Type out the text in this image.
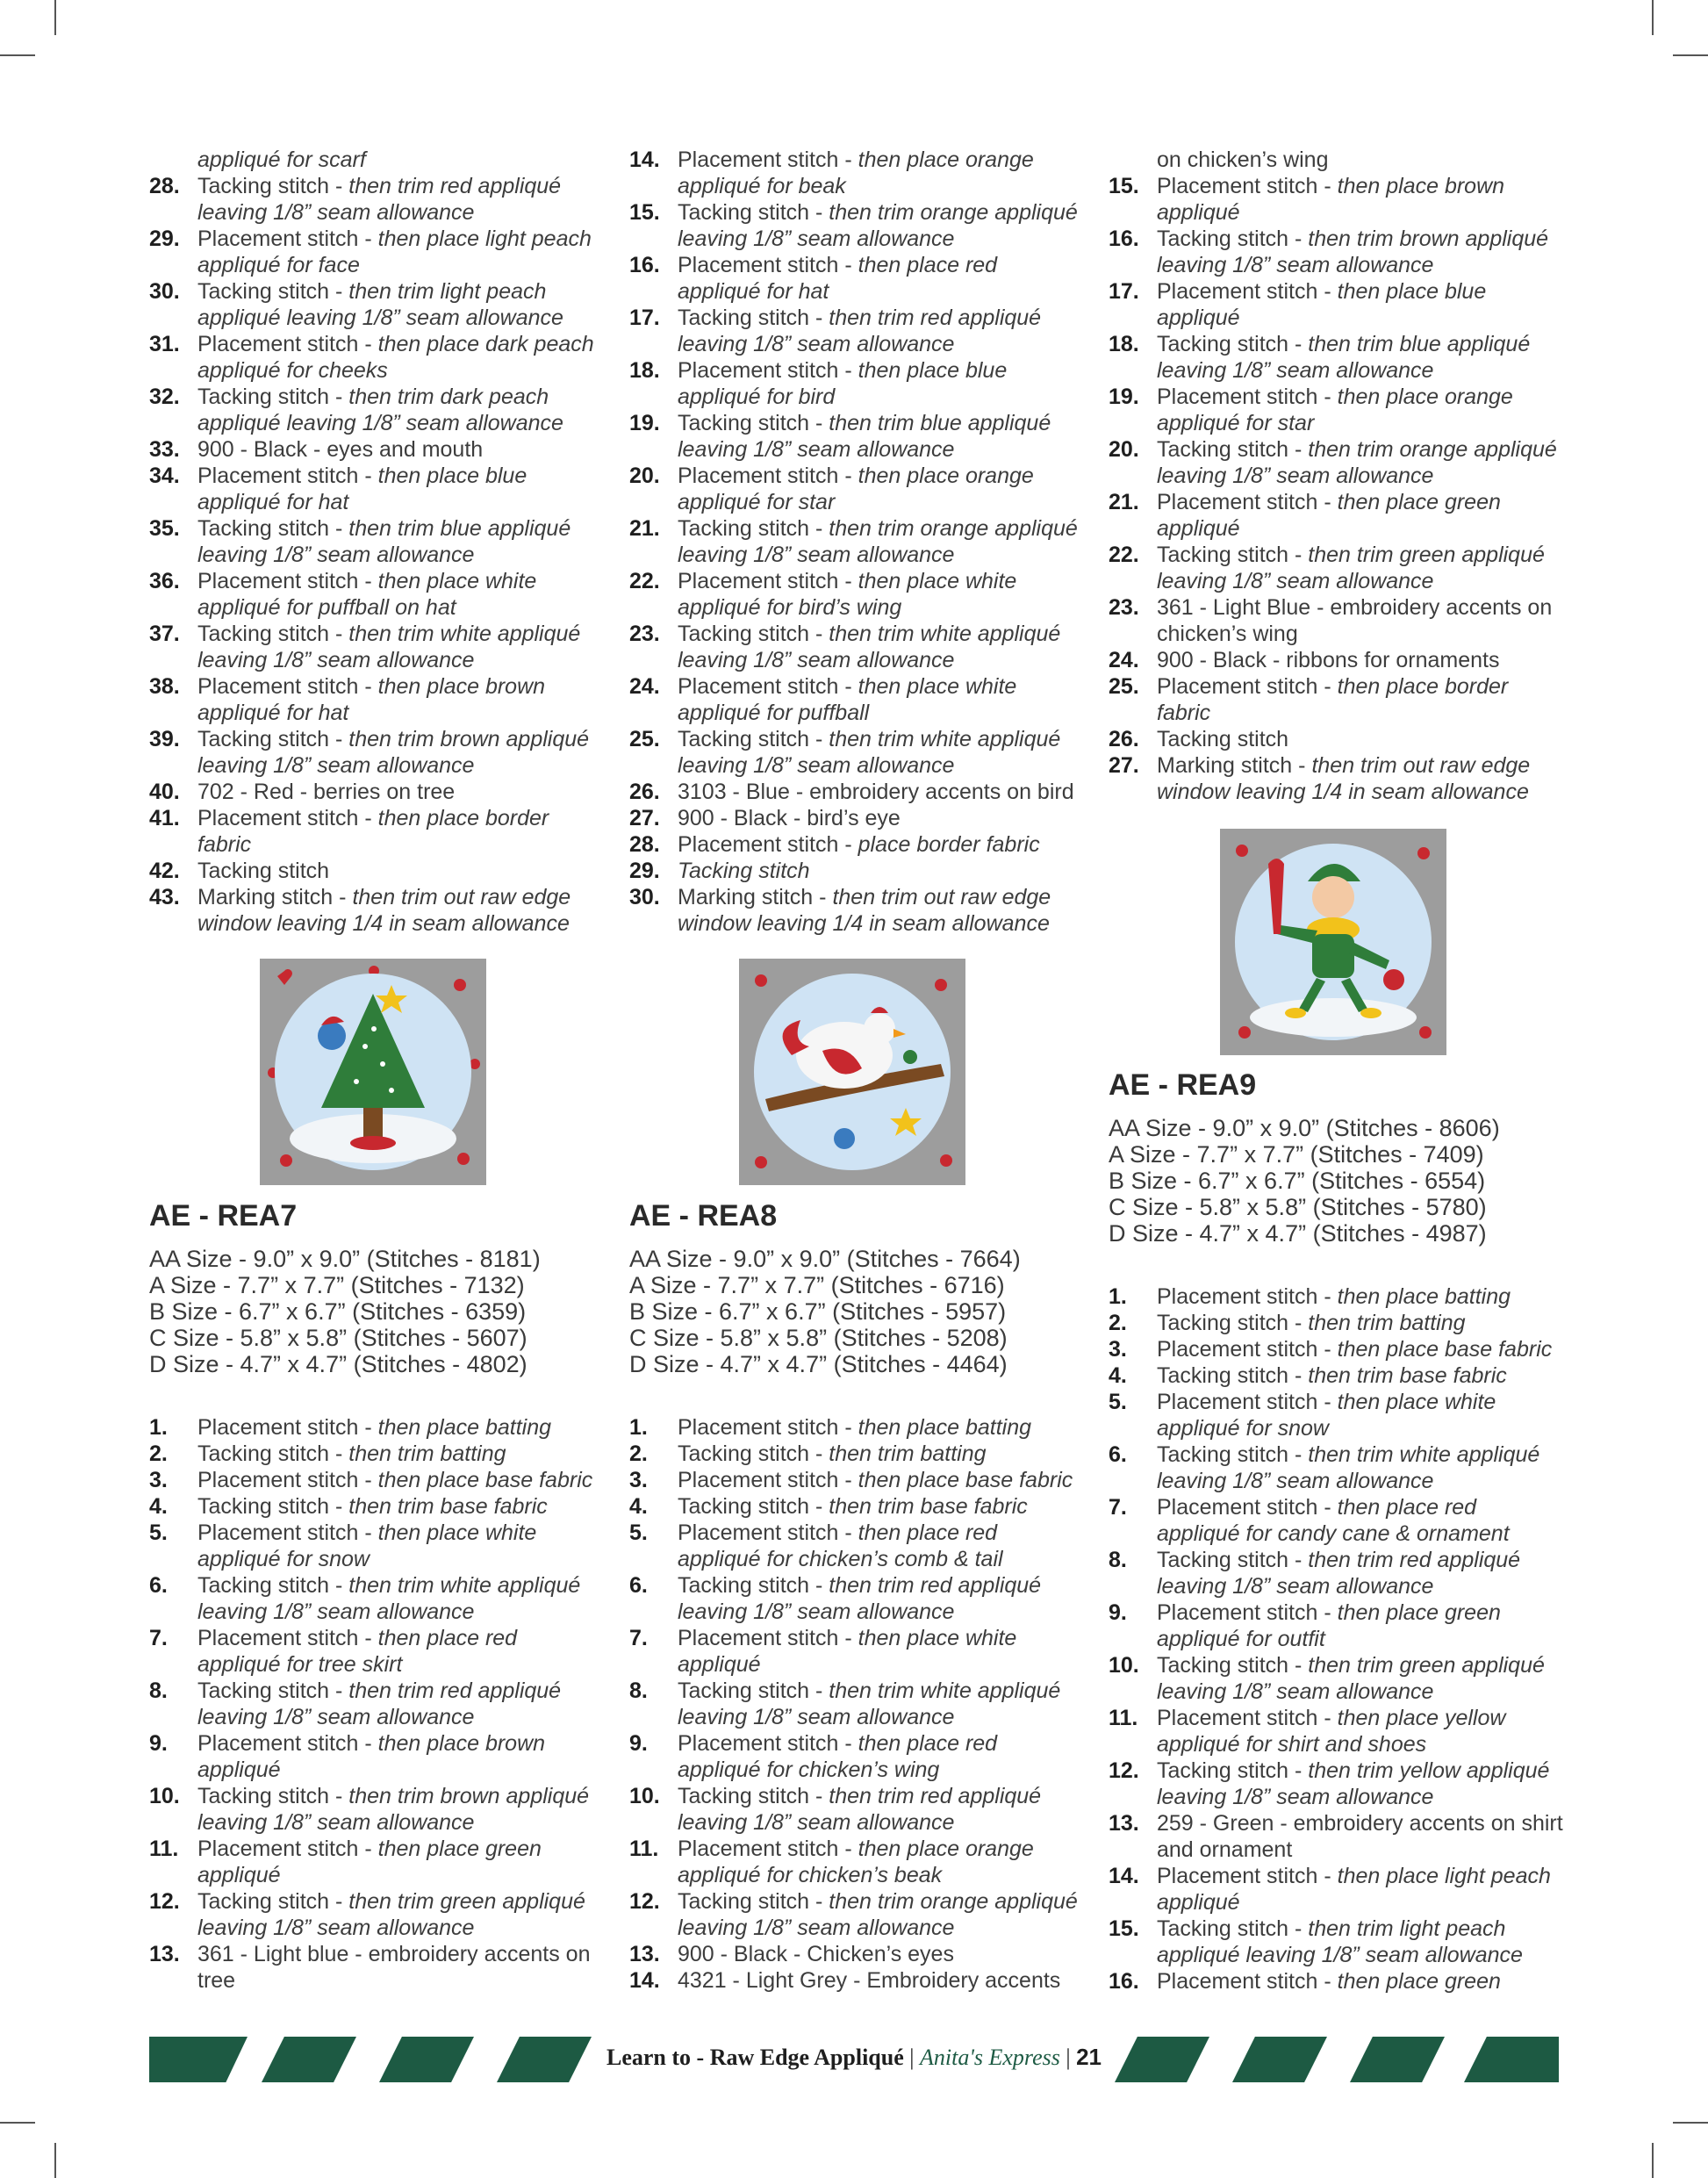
appliqué for scarf
28. Tacking stitch - then trim red appliqué leaving 1/8” seam allowance
29. Placement stitch - then place light peach appliqué for face
30. Tacking stitch - then trim light peach appliqué leaving 1/8” seam allowance
31. Placement stitch - then place dark peach appliqué for cheeks
32. Tacking stitch - then trim dark peach appliqué leaving 1/8” seam allowance
33. 900 - Black - eyes and mouth
34. Placement stitch - then place blue appliqué for hat
35. Tacking stitch - then trim blue appliqué leaving 1/8” seam allowance
36. Placement stitch - then place white appliqué for puffball on hat
37. Tacking stitch - then trim white appliqué leaving 1/8” seam allowance
38. Placement stitch - then place brown appliqué for hat
39. Tacking stitch - then trim brown appliqué leaving 1/8” seam allowance
40. 702 - Red - berries on tree
41. Placement stitch - then place border fabric
42. Tacking stitch
43. Marking stitch - then trim out raw edge window leaving 1/4 in seam allowance
14. Placement stitch - then place orange appliqué for beak
15. Tacking stitch - then trim orange appliqué leaving 1/8” seam allowance
16. Placement stitch - then place red appliqué for hat
17. Tacking stitch - then trim red appliqué leaving 1/8” seam allowance
18. Placement stitch - then place blue appliqué for bird
19. Tacking stitch - then trim blue appliqué leaving 1/8” seam allowance
20. Placement stitch - then place orange appliqué for star
21. Tacking stitch - then trim orange appliqué leaving 1/8” seam allowance
22. Placement stitch - then place white appliqué for bird’s wing
23. Tacking stitch - then trim white appliqué leaving 1/8” seam allowance
24. Placement stitch - then place white appliqué for puffball
25. Tacking stitch - then trim white appliqué leaving 1/8” seam allowance
26. 3103 - Blue - embroidery accents on bird
27. 900 - Black - bird’s eye
28. Placement stitch - place border fabric
29. Tacking stitch
30. Marking stitch - then trim out raw edge window leaving 1/4 in seam allowance
on chicken’s wing
15. Placement stitch - then place brown appliqué
16. Tacking stitch - then trim brown appliqué leaving 1/8” seam allowance
17. Placement stitch - then place blue appliqué
18. Tacking stitch - then trim blue appliqué leaving 1/8” seam allowance
19. Placement stitch - then place orange appliqué for star
20. Tacking stitch - then trim orange appliqué leaving 1/8” seam allowance
21. Placement stitch - then place green appliqué
22. Tacking stitch - then trim green appliqué leaving 1/8” seam allowance
23. 361 - Light Blue - embroidery accents on chicken’s wing
24. 900 - Black - ribbons for ornaments
25. Placement stitch - then place border fabric
26. Tacking stitch
27. Marking stitch - then trim out raw edge window leaving 1/4 in seam allowance
AE - REA7
AA Size - 9.0” x 9.0” (Stitches - 8181)
A Size - 7.7” x 7.7” (Stitches - 7132)
B Size - 6.7” x 6.7” (Stitches - 6359)
C Size - 5.8” x 5.8” (Stitches - 5607)
D Size - 4.7” x 4.7” (Stitches - 4802)
1. Placement stitch - then place batting
2. Tacking stitch - then trim batting
3. Placement stitch - then place base fabric
4. Tacking stitch - then trim base fabric
5. Placement stitch - then place white appliqué for snow
6. Tacking stitch - then trim white appliqué leaving 1/8” seam allowance
7. Placement stitch - then place red appliqué for tree skirt
8. Tacking stitch - then trim red appliqué leaving 1/8” seam allowance
9. Placement stitch - then place brown appliqué
10. Tacking stitch - then trim brown appliqué leaving 1/8” seam allowance
11. Placement stitch - then place green appliqué
12. Tacking stitch - then trim green appliqué leaving 1/8” seam allowance
13. 361 - Light blue - embroidery accents on tree
AE - REA8
AA Size - 9.0” x 9.0” (Stitches - 7664)
A Size - 7.7” x 7.7” (Stitches - 6716)
B Size - 6.7” x 6.7” (Stitches - 5957)
C Size - 5.8” x 5.8” (Stitches - 5208)
D Size - 4.7” x 4.7” (Stitches - 4464)
1. Placement stitch - then place batting
2. Tacking stitch - then trim batting
3. Placement stitch - then place base fabric
4. Tacking stitch - then trim base fabric
5. Placement stitch - then place red appliqué for chicken’s comb & tail
6. Tacking stitch - then trim red appliqué leaving 1/8” seam allowance
7. Placement stitch - then place white appliqué
8. Tacking stitch - then trim white appliqué leaving 1/8” seam allowance
9. Placement stitch - then place red appliqué for chicken’s wing
10. Tacking stitch - then trim red appliqué leaving 1/8” seam allowance
11. Placement stitch - then place orange appliqué for chicken’s beak
12. Tacking stitch - then trim orange appliqué leaving 1/8” seam allowance
13. 900 - Black - Chicken’s eyes
14. 4321 - Light Grey - Embroidery accents
AE - REA9
AA Size - 9.0” x 9.0” (Stitches - 8606)
A Size - 7.7” x 7.7” (Stitches - 7409)
B Size - 6.7” x 6.7” (Stitches - 6554)
C Size - 5.8” x 5.8” (Stitches - 5780)
D Size - 4.7” x 4.7” (Stitches - 4987)
1. Placement stitch - then place batting
2. Tacking stitch - then trim batting
3. Placement stitch - then place base fabric
4. Tacking stitch - then trim base fabric
5. Placement stitch - then place white appliqué for snow
6. Tacking stitch - then trim white appliqué leaving 1/8” seam allowance
7. Placement stitch - then place red appliqué for candy cane & ornament
8. Tacking stitch - then trim red appliqué leaving 1/8” seam allowance
9. Placement stitch - then place green appliqué for outfit
10. Tacking stitch - then trim green appliqué leaving 1/8” seam allowance
11. Placement stitch - then place yellow appliqué for shirt and shoes
12. Tacking stitch - then trim yellow appliqué leaving 1/8” seam allowance
13. 259 - Green - embroidery accents on shirt and ornament
14. Placement stitch - then place light peach appliqué
15. Tacking stitch - then trim light peach appliqué leaving 1/8” seam allowance
16. Placement stitch - then place green
Learn to - Raw Edge Appliqué | Anita's Express | 21
